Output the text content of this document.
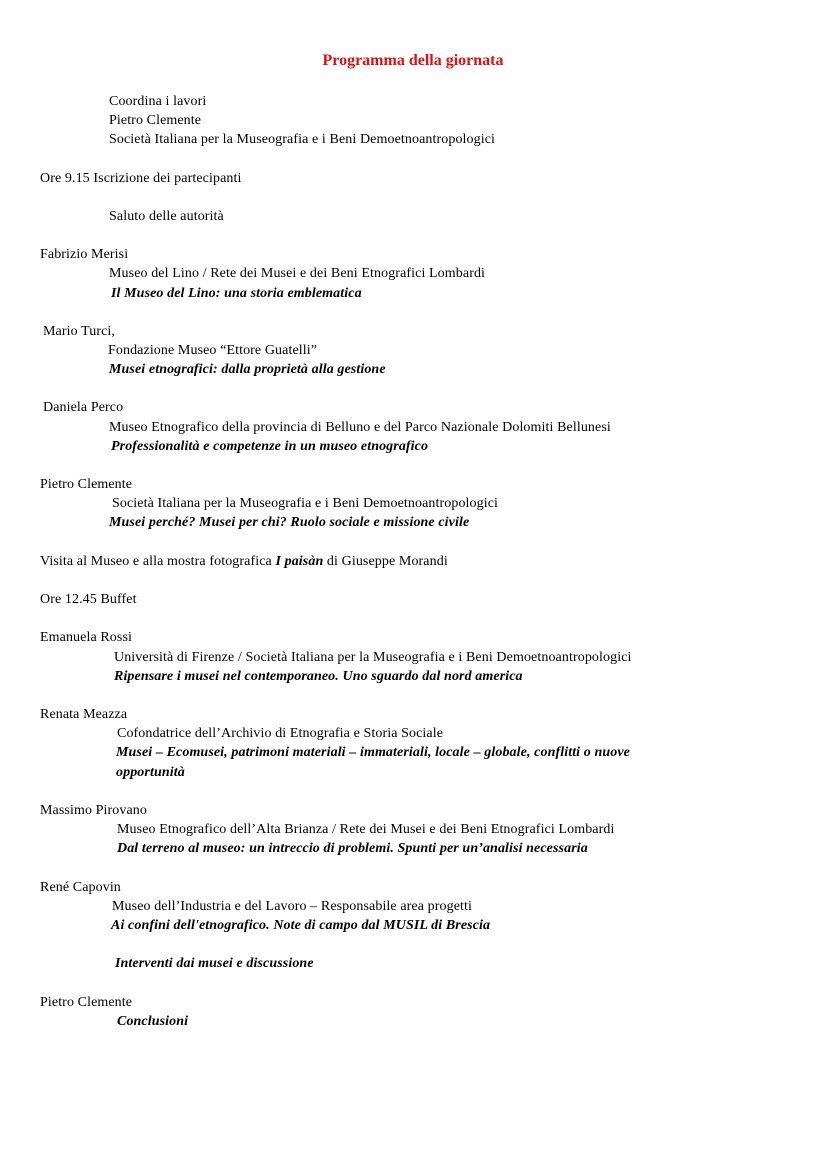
Programma della giornata
Coordina i lavori
Pietro Clemente
Società Italiana per la Museografia e i Beni Demoetnoantropologici
Ore 9.15 Iscrizione dei partecipanti
Saluto delle autorità
Fabrizio Merisi
Museo del Lino / Rete dei Musei e dei Beni Etnografici Lombardi
Il Museo del Lino: una storia emblematica
Mario Turci,
Fondazione Museo “Ettore Guatelli”
Musei etnografici: dalla proprietà alla gestione
Daniela Perco
Museo Etnografico della provincia di Belluno e del Parco Nazionale Dolomiti Bellunesi
Professionalità e competenze in un museo etnografico
Pietro Clemente
Società Italiana per la Museografia e i Beni Demoetnoantropologici
Musei perché? Musei per chi? Ruolo sociale e missione civile
Visita al Museo e alla mostra fotografica I paisàn di Giuseppe Morandi
Ore 12.45 Buffet
Emanuela Rossi
Università di Firenze / Società Italiana per la Museografia e i Beni Demoetnoantropologici
Ripensare i musei nel contemporaneo. Uno sguardo dal nord america
Renata Meazza
Cofondatrice dell’Archivio di Etnografia e Storia Sociale
Musei – Ecomusei, patrimoni materiali – immateriali, locale – globale, conflitti o nuove
opportunità
Massimo Pirovano
Museo Etnografico dell’Alta Brianza / Rete dei Musei e dei Beni Etnografici Lombardi
Dal terreno al museo: un intreccio di problemi. Spunti per un’analisi necessaria
René Capovin
Museo dell’Industria e del Lavoro – Responsabile area progetti
Ai confini dell'etnografico. Note di campo dal MUSIL di Brescia
Interventi dai musei e discussione
Pietro Clemente
Conclusioni
